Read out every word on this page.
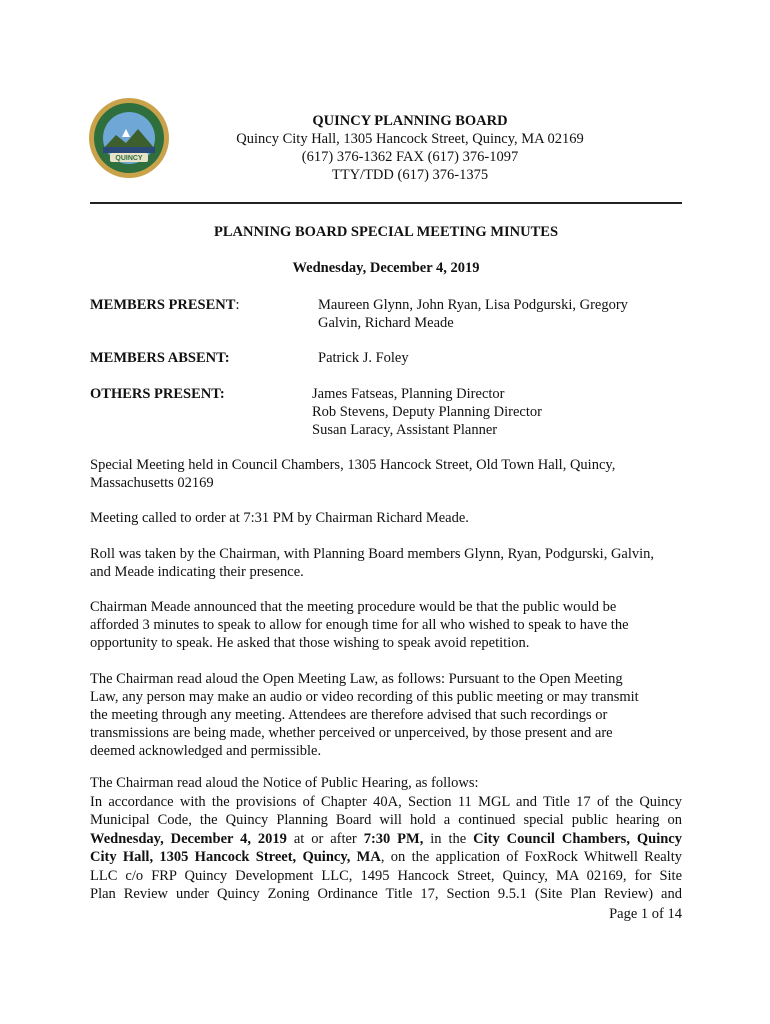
QUINCY
QUINCY PLANNING BOARD
Quincy City Hall, 1305 Hancock Street, Quincy, MA 02169
(617) 376-1362 FAX (617) 376-1097
TTY/TDD (617) 376-1375
PLANNING BOARD SPECIAL MEETING MINUTES
Wednesday, December 4, 2019
MEMBERS PRESENT:	Maureen Glynn, John Ryan, Lisa Podgurski, Gregory
Galvin, Richard Meade
MEMBERS ABSENT:	Patrick J. Foley
OTHERS PRESENT:	James Fatseas, Planning Director
Rob Stevens, Deputy Planning Director
Susan Laracy, Assistant Planner
Special Meeting held in Council Chambers, 1305 Hancock Street, Old Town Hall, Quincy,
Massachusetts 02169
Meeting called to order at 7:31 PM by Chairman Richard Meade.
Roll was taken by the Chairman, with Planning Board members Glynn, Ryan, Podgurski, Galvin,
and Meade indicating their presence.
Chairman Meade announced that the meeting procedure would be that the public would be
afforded 3 minutes to speak to allow for enough time for all who wished to speak to have the
opportunity to speak. He asked that those wishing to speak avoid repetition.
The Chairman read aloud the Open Meeting Law, as follows: Pursuant to the Open Meeting
Law, any person may make an audio or video recording of this public meeting or may transmit
the meeting through any meeting. Attendees are therefore advised that such recordings or
transmissions are being made, whether perceived or unperceived, by those present and are
deemed acknowledged and permissible.
The Chairman read aloud the Notice of Public Hearing, as follows:
In accordance with the provisions of Chapter 40A, Section 11 MGL and Title 17 of the Quincy
Municipal Code, the Quincy Planning Board will hold a continued special public hearing on
Wednesday, December 4, 2019 at or after 7:30 PM, in the City Council Chambers, Quincy
City Hall, 1305 Hancock Street, Quincy, MA, on the application of FoxRock Whitwell Realty
LLC c/o FRP Quincy Development LLC, 1495 Hancock Street, Quincy, MA 02169, for Site
Plan Review under Quincy Zoning Ordinance Title 17, Section 9.5.1 (Site Plan Review) and
Page 1 of 14
